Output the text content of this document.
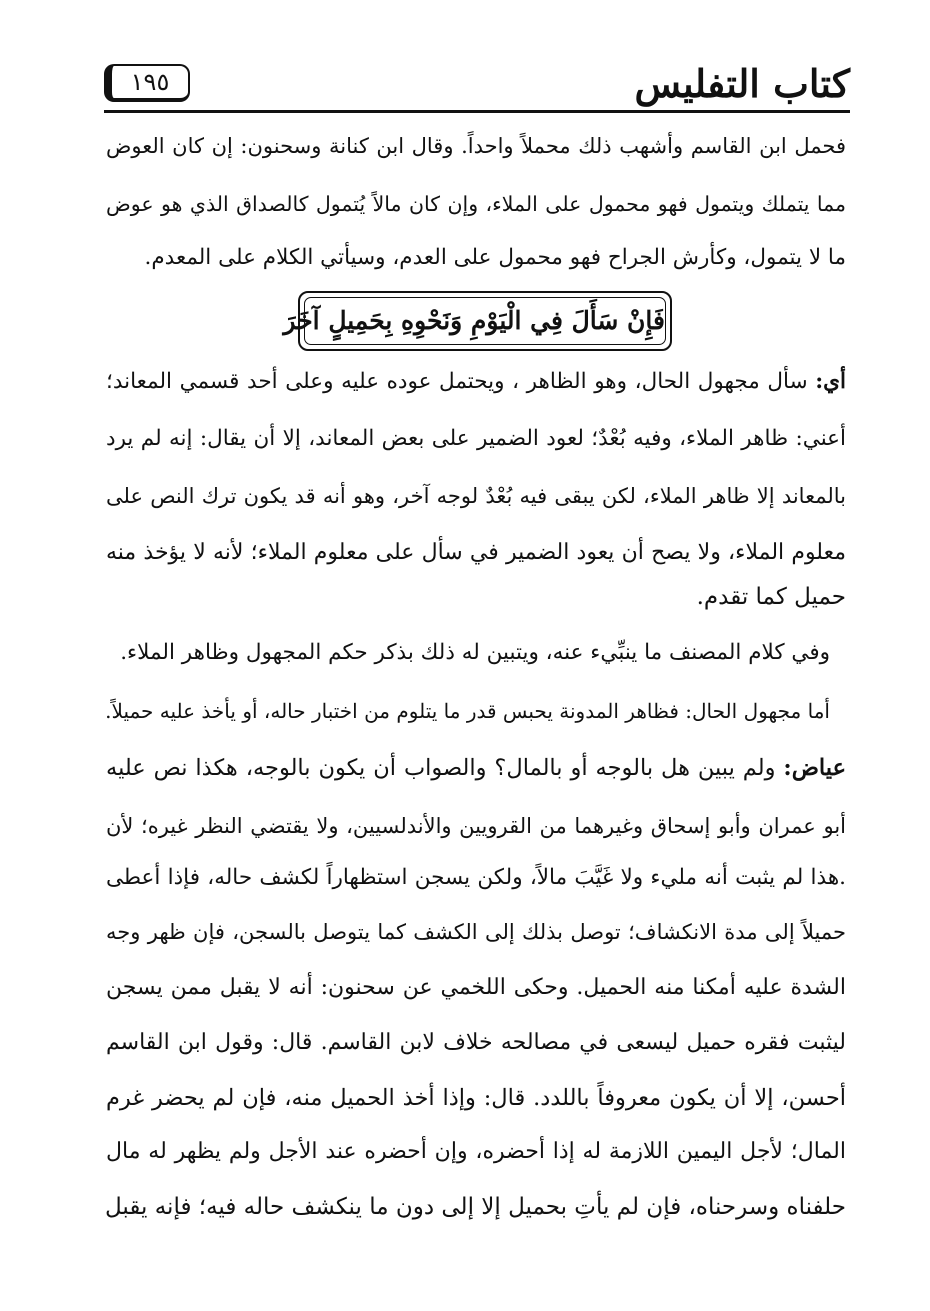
كتاب التفليس
١٩٥
فحمل ابن القاسم وأشهب ذلك محملاً واحداً. وقال ابن كنانة وسحنون: إن كان العوض
مما يتملك ويتمول فهو محمول على الملاء، وإن كان مالاً يُتمول كالصداق الذي هو عوض
ما لا يتمول، وكأرش الجراح فهو محمول على العدم، وسيأتي الكلام على المعدم.
فَإِنْ سَأَلَ فِي الْيَوْمِ وَنَحْوِهِ بِحَمِيلٍ آخَرَ
أي: سأل مجهول الحال، وهو الظاهر ، ويحتمل عوده عليه وعلى أحد قسمي المعاند؛
أعني: ظاهر الملاء، وفيه بُعْدٌ؛ لعود الضمير على بعض المعاند، إلا أن يقال: إنه لم يرد
بالمعاند إلا ظاهر الملاء، لكن يبقى فيه بُعْدٌ لوجه آخر، وهو أنه قد يكون ترك النص على
معلوم الملاء، ولا يصح أن يعود الضمير في سأل على معلوم الملاء؛ لأنه لا يؤخذ منه
حميل كما تقدم.
وفي كلام المصنف ما ينبِّيء عنه، ويتبين له ذلك بذكر حكم المجهول وظاهر الملاء.
أما مجهول الحال: فظاهر المدونة يحبس قدر ما يتلوم من اختبار حاله، أو يأخذ عليه حميلاً.
عياض: ولم يبين هل بالوجه أو بالمال؟ والصواب أن يكون بالوجه، هكذا نص عليه
أبو عمران وأبو إسحاق وغيرهما من القرويين والأندلسيين، ولا يقتضي النظر غيره؛ لأن
.هذا لم يثبت أنه مليء ولا غَيَّبَ مالاً، ولكن يسجن استظهاراً لكشف حاله، فإذا أعطى
حميلاً إلى مدة الانكشاف؛ توصل بذلك إلى الكشف كما يتوصل بالسجن، فإن ظهر وجه
الشدة عليه أمكنا منه الحميل. وحكى اللخمي عن سحنون: أنه لا يقبل ممن يسجن
ليثبت فقره حميل ليسعى في مصالحه خلاف لابن القاسم. قال: وقول ابن القاسم
أحسن، إلا أن يكون معروفاً باللدد. قال: وإذا أخذ الحميل منه، فإن لم يحضر غرم
المال؛ لأجل اليمين اللازمة له إذا أحضره، وإن أحضره عند الأجل ولم يظهر له مال
حلفناه وسرحناه، فإن لم يأتِ بحميل إلا إلى دون ما ينكشف حاله فيه؛ فإنه يقبل
